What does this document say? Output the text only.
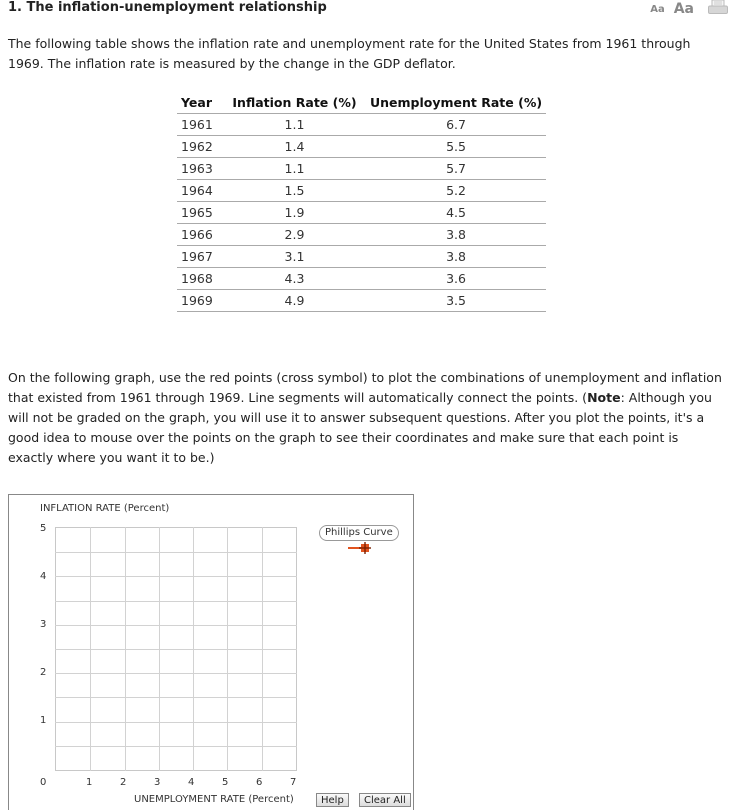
1. The inflation-unemployment relationship	Aa Aa
The following table shows the inflation rate and unemployment rate for the United States from 1961 through 1969. The inflation rate is measured by the change in the GDP deflator.
Year	Inflation Rate (%)	Unemployment Rate (%)
1961	1.1	6.7
1962	1.4	5.5
1963	1.1	5.7
1964	1.5	5.2
1965	1.9	4.5
1966	2.9	3.8
1967	3.1	3.8
1968	4.3	3.6
1969	4.9	3.5
On the following graph, use the red points (cross symbol) to plot the combinations of unemployment and inflation that existed from 1961 through 1969. Line segments will automatically connect the points. (Note: Although you will not be graded on the graph, you will use it to answer subsequent questions. After you plot the points, it's a good idea to mouse over the points on the graph to see their coordinates and make sure that each point is exactly where you want it to be.)
INFLATION RATE (Percent)
5
4
3
2
1
0	1	2	3	4	5	6	7
UNEMPLOYMENT RATE (Percent)
Phillips Curve
Help	Clear All
